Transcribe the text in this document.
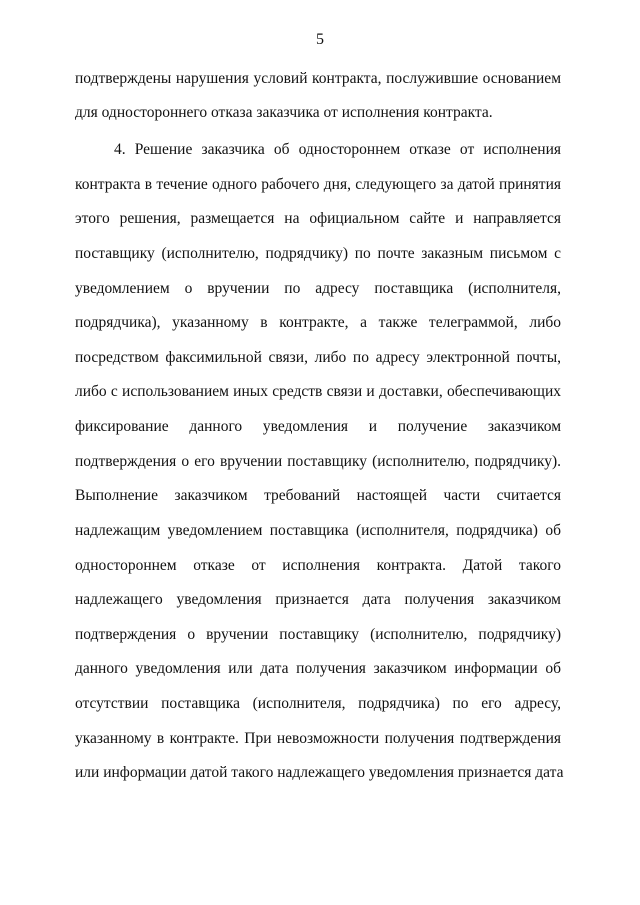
5
подтверждены нарушения условий контракта, послужившие основанием
для одностороннего отказа заказчика от исполнения контракта.
4. Решение заказчика об одностороннем отказе от исполнения
контракта в течение одного рабочего дня, следующего за датой принятия
этого решения, размещается на официальном сайте и направляется
поставщику (исполнителю, подрядчику) по почте заказным письмом с
уведомлением о вручении по адресу поставщика (исполнителя,
подрядчика), указанному в контракте, а также телеграммой, либо
посредством факсимильной связи, либо по адресу электронной почты,
либо с использованием иных средств связи и доставки, обеспечивающих
фиксирование данного уведомления и получение заказчиком
подтверждения о его вручении поставщику (исполнителю, подрядчику).
Выполнение заказчиком требований настоящей части считается
надлежащим уведомлением поставщика (исполнителя, подрядчика) об
одностороннем отказе от исполнения контракта. Датой такого
надлежащего уведомления признается дата получения заказчиком
подтверждения о вручении поставщику (исполнителю, подрядчику)
данного уведомления или дата получения заказчиком информации об
отсутствии поставщика (исполнителя, подрядчика) по его адресу,
указанному в контракте. При невозможности получения подтверждения
или информации датой такого надлежащего уведомления признается дата
